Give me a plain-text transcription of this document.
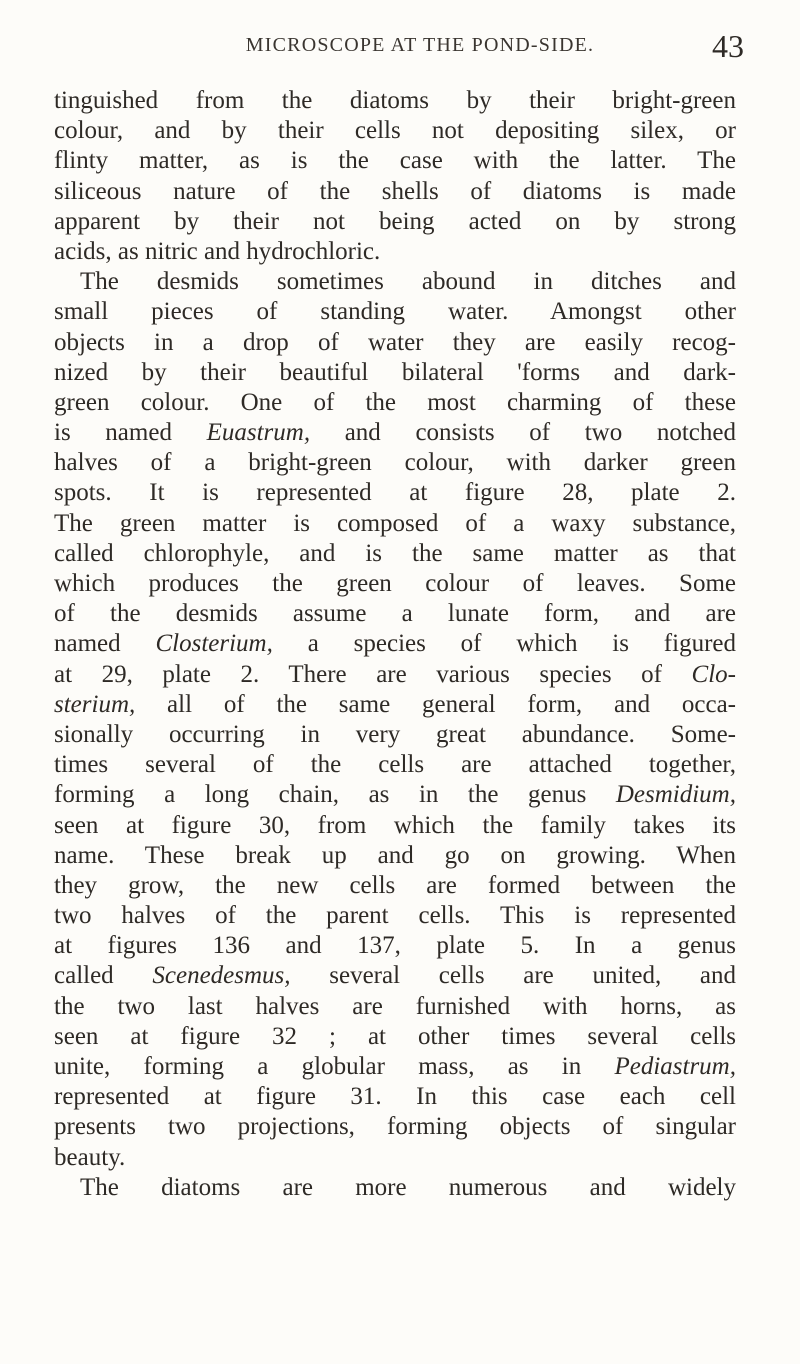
MICROSCOPE AT THE POND-SIDE.	43
tinguished from the diatoms by their bright-green
colour, and by their cells not depositing silex, or
flinty matter, as is the case with the latter. The
siliceous nature of the shells of diatoms is made
apparent by their not being acted on by strong
acids, as nitric and hydrochloric.
The desmids sometimes abound in ditches and
small pieces of standing water. Amongst other
objects in a drop of water they are easily recog-
nized by their beautiful bilateral 'forms and dark-
green colour. One of the most charming of these
is named Euastrum, and consists of two notched
halves of a bright-green colour, with darker green
spots. It is represented at figure 28, plate 2.
The green matter is composed of a waxy substance,
called chlorophyle, and is the same matter as that
which produces the green colour of leaves. Some
of the desmids assume a lunate form, and are
named Closterium, a species of which is figured
at 29, plate 2. There are various species of Clo-
sterium, all of the same general form, and occa-
sionally occurring in very great abundance. Some-
times several of the cells are attached together,
forming a long chain, as in the genus Desmidium,
seen at figure 30, from which the family takes its
name. These break up and go on growing. When
they grow, the new cells are formed between the
two halves of the parent cells. This is represented
at figures 136 and 137, plate 5. In a genus
called Scenedesmus, several cells are united, and
the two last halves are furnished with horns, as
seen at figure 32 ; at other times several cells
unite, forming a globular mass, as in Pediastrum,
represented at figure 31. In this case each cell
presents two projections, forming objects of singular
beauty.
The diatoms are more numerous and widely
